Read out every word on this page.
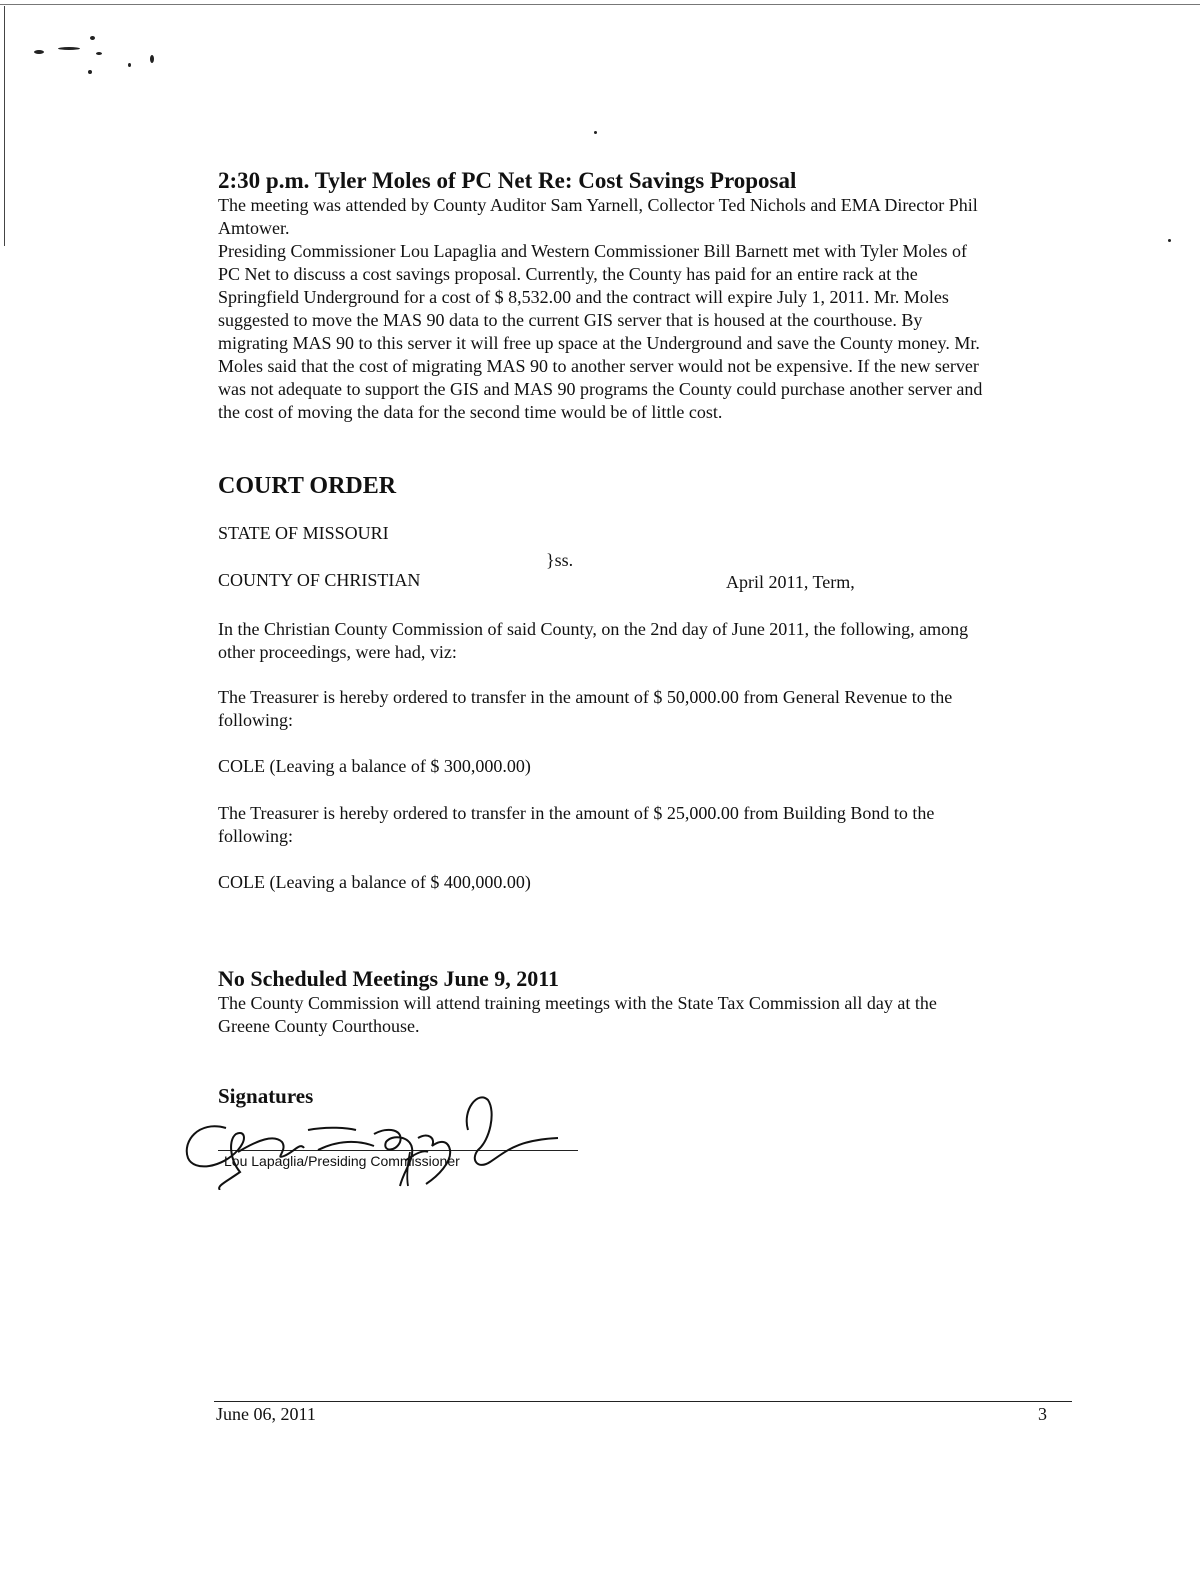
2:30 p.m. Tyler Moles of PC Net Re: Cost Savings Proposal

The meeting was attended by County Auditor Sam Yarnell, Collector Ted Nichols and EMA Director Phil

Amtower.

Presiding Commissioner Lou Lapaglia and Western Commissioner Bill Barnett met with Tyler Moles of

PC Net to discuss a cost savings proposal. Currently, the County has paid for an entire rack at the

Springfield Underground for a cost of $ 8,532.00 and the contract will expire July 1, 2011. Mr. Moles

suggested to move the MAS 90 data to the current GIS server that is housed at the courthouse. By

migrating MAS 90 to this server it will free up space at the Underground and save the County money. Mr.

Moles said that the cost of migrating MAS 90 to another server would not be expensive. If the new server

was not adequate to support the GIS and MAS 90 programs the County could purchase another server and

the cost of moving the data for the second time would be of little cost.

COURT ORDER

STATE OF MISSOURI

}ss.

COUNTY OF CHRISTIAN	April 2011, Term,

In the Christian County Commission of said County, on the 2nd day of June 2011, the following, among

other proceedings, were had, viz:

The Treasurer is hereby ordered to transfer in the amount of $ 50,000.00 from General Revenue to the

following:

COLE (Leaving a balance of $ 300,000.00)

The Treasurer is hereby ordered to transfer in the amount of $ 25,000.00 from Building Bond to the

following:

COLE (Leaving a balance of $ 400,000.00)

No Scheduled Meetings June 9, 2011

The County Commission will attend training meetings with the State Tax Commission all day at the

Greene County Courthouse.

Signatures
Lou Lapaglia/Presiding Commissioner
June 06, 2011	3
